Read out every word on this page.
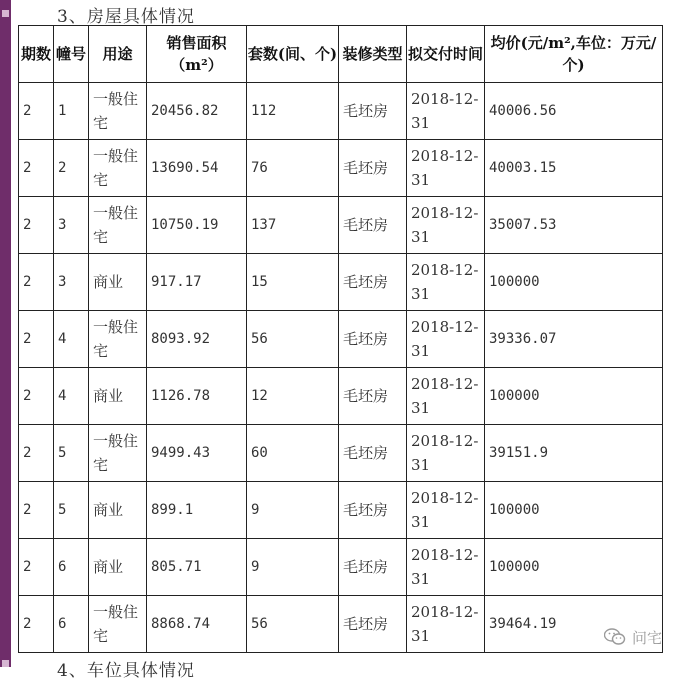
3、房屋具体情况
期数	幢号	用途	销售面积（m²）	套数(间、个)	装修类型	拟交付时间	均价(元/m²,车位：万元/个)
2	1	一般住宅	20456.82	112	毛坯房	2018-12-31	40006.56
2	2	一般住宅	13690.54	76	毛坯房	2018-12-31	40003.15
2	3	一般住宅	10750.19	137	毛坯房	2018-12-31	35007.53
2	3	商业	917.17	15	毛坯房	2018-12-31	100000
2	4	一般住宅	8093.92	56	毛坯房	2018-12-31	39336.07
2	4	商业	1126.78	12	毛坯房	2018-12-31	100000
2	5	一般住宅	9499.43	60	毛坯房	2018-12-31	39151.9
2	5	商业	899.1	9	毛坯房	2018-12-31	100000
2	6	商业	805.71	9	毛坯房	2018-12-31	100000
2	6	一般住宅	8868.74	56	毛坯房	2018-12-31	39464.19
4、车位具体情况
问宅
